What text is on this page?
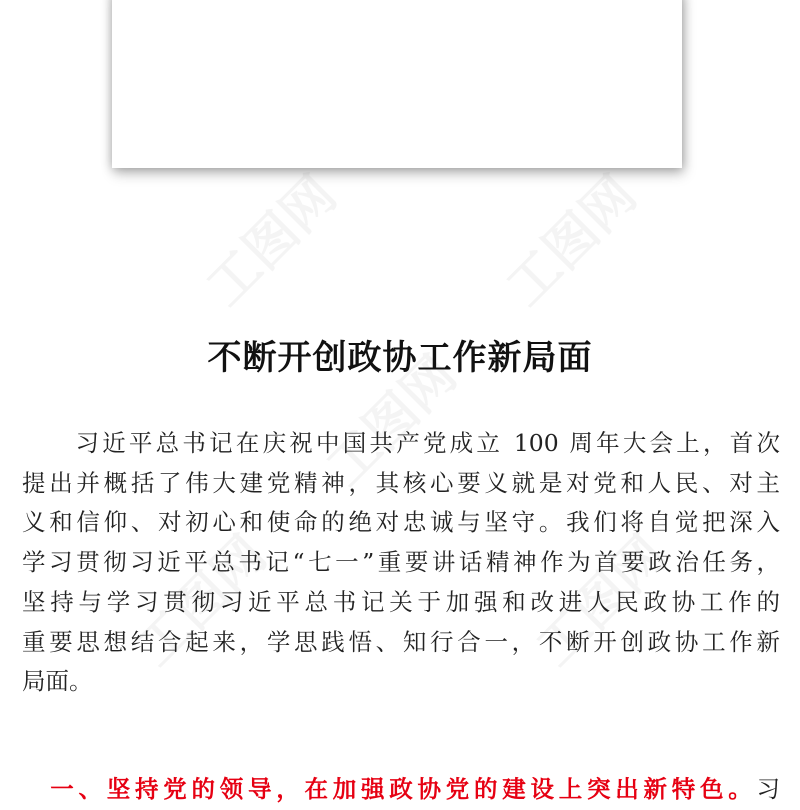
不断开创政协工作新局面
　　习近平总书记在庆祝中国共产党成立 100 周年大会上，首次
提出并概括了伟大建党精神，其核心要义就是对党和人民、对主
义和信仰、对初心和使命的绝对忠诚与坚守。我们将自觉把深入
学习贯彻习近平总书记“七一”重要讲话精神作为首要政治任务，
坚持与学习贯彻习近平总书记关于加强和改进人民政协工作的
重要思想结合起来，学思践悟、知行合一，不断开创政协工作新
局面。
　一、坚持党的领导，在加强政协党的建设上突出新特色。习
